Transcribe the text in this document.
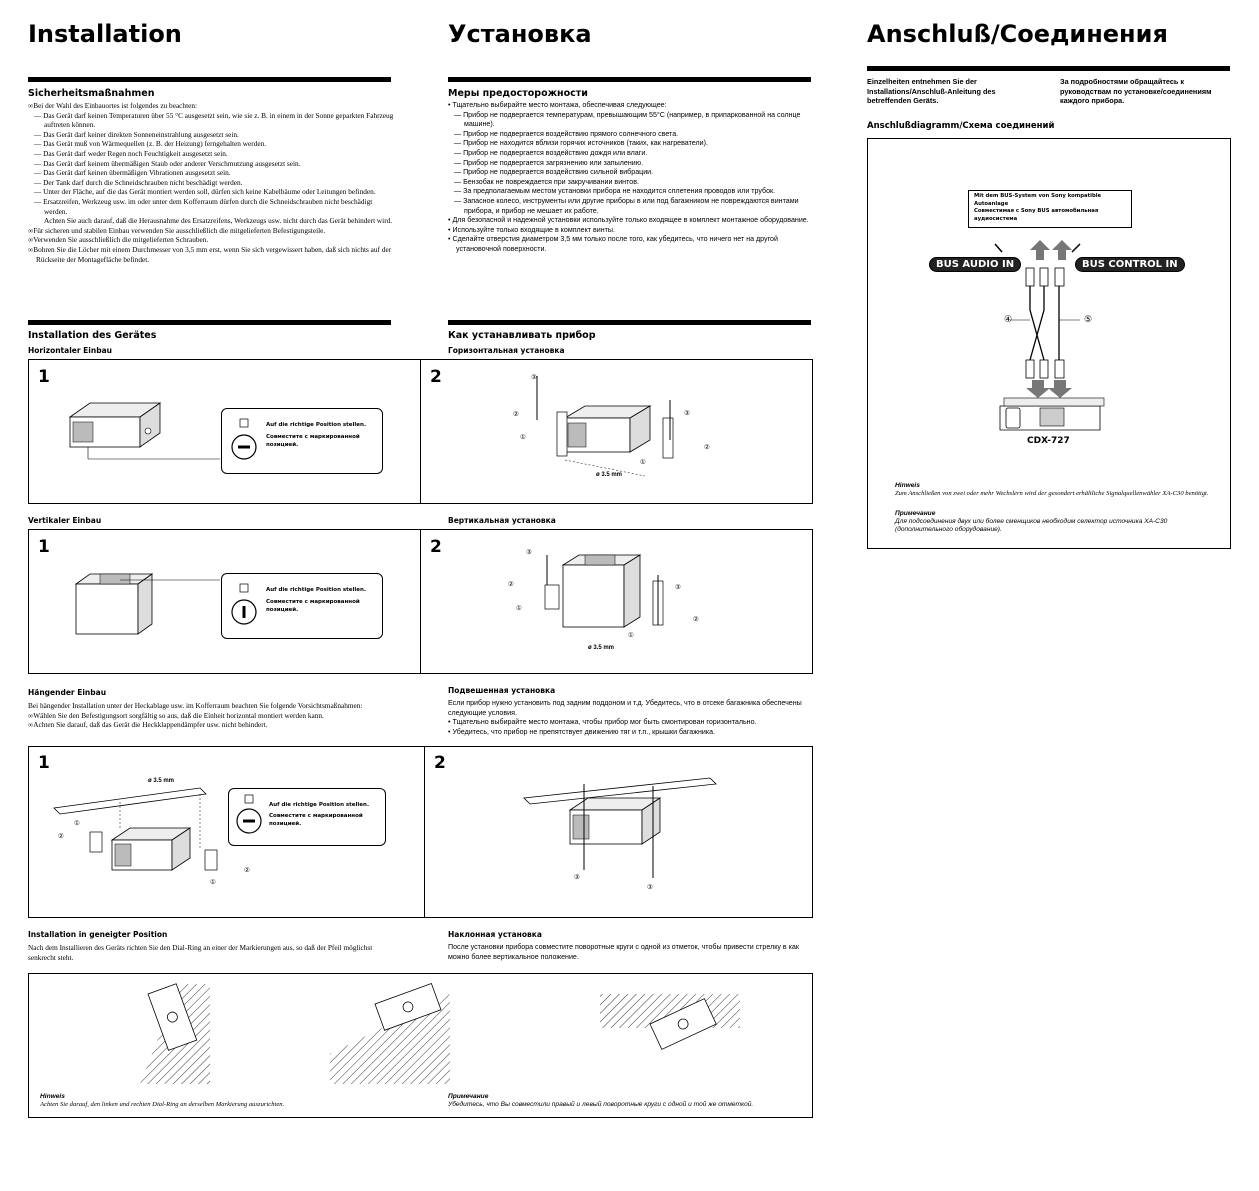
Installation	Установка	Anschluß/Соединения
Sicherheitsmaßnahmen
∞Bei der Wahl des Einbauortes ist folgendes zu beachten:
— Das Gerät darf keinen Temperaturen über 55 °C ausgesetzt sein, wie sie z. B. in einem in der Sonne geparkten Fahrzeug auftreten können.
— Das Gerät darf keiner direkten Sonneneinstrahlung ausgesetzt sein.
— Das Gerät muß von Wärmequellen (z. B. der Heizung) ferngehalten werden.
— Das Gerät darf weder Regen noch Feuchtigkeit ausgesetzt sein.
— Das Gerät darf keinem übermäßigen Staub oder anderer Verschmutzung ausgesetzt sein.
— Das Gerät darf keinen übermäßigen Vibrationen ausgesetzt sein.
— Der Tank darf durch die Schneidschrauben nicht beschädigt werden.
— Unter der Fläche, auf die das Gerät montiert werden soll, dürfen sich keine Kabelbäume oder Leitungen befinden.
— Ersatzreifen, Werkzeug usw. im oder unter dem Kofferraum dürfen durch die Schneidschrauben nicht beschädigt werden.
Achten Sie auch darauf, daß die Herausnahme des Ersatzreifens, Werkzeugs usw. nicht durch das Gerät behindert wird.
∞Für sicheren und stabilen Einbau verwenden Sie ausschließlich die mitgelieferten Befestigungsteile.
∞Verwenden Sie ausschließlich die mitgelieferten Schrauben.
∞Bohren Sie die Löcher mit einem Durchmesser von 3,5 mm erst, wenn Sie sich vergewissert haben, daß sich nichts auf der Rückseite der Montagefläche befindet.
Меры предосторожности
• Тщательно выбирайте место монтажа, обеспечивая следующее:
— Прибор не подвергается температурам, превышающим 55°C (например, в припаркованной на солнце машине).
— Прибор не подвергается воздействию прямого солнечного света.
— Прибор не находится вблизи горячих источников (таких, как нагреватели).
— Прибор не подвергается воздействию дождя или влаги.
— Прибор не подвергается загрязнению или запылению.
— Прибор не подвергается воздействию сильной вибрации.
— Бензобак не повреждается при закручивании винтов.
— За предполагаемым местом установки прибора не находится сплетения проводов или трубок.
— Запасное колесо, инструменты или другие приборы в или под багажником не повреждаются винтами прибора, и прибор не мешает их работе.
• Для безопасной и надежной установки используйте только входящее в комплект монтажное оборудование.
• Используйте только входящие в комплект винты.
• Сделайте отверстия диаметром 3,5 мм только после того, как убедитесь, что ничего нет на другой установочной поверхности.
Installation des Gerätes	Как устанавливать прибор
Horizontaler Einbau	Горизонтальная установка
1	2
Auf die richtige Position stellen.
Совместите с маркированной позицией.
③
②
①
③
②
①
ø 3.5 mm
Vertikaler Einbau	Вертикальная установка
1	2
Auf die richtige Position stellen.
Совместите с маркированной позицией.
③
②
①
③
②
①
ø 3.5 mm
Hängender Einbau	Подвешенная установка
Bei hängender Installation unter der Heckablage usw. im Kofferraum beachten Sie folgende Vorsichtsmaßnahmen:
∞Wählen Sie den Befestigungsort sorgfältig so aus, daß die Einheit horizontal montiert werden kann.
∞Achten Sie darauf, daß das Gerät die Heckklappendämpfer usw. nicht behindert.
Если прибор нужно установить под задним поддоном и т.д. Убедитесь, что в отсеке багажника обеспечены следующие условия.
• Тщательно выбирайте место монтажа, чтобы прибор мог быть смонтирован горизонтально.
• Убедитесь, что прибор не препятствует движению тяг и т.п., крышки багажника.
1	2
ø 3.5 mm
①
②
②
①
Auf die richtige Position stellen.
Совместите с маркированной позицией.
③
③
Installation in geneigter Position	Наклонная установка
Nach dem Installieren des Geräts richten Sie den Dial-Ring an einer der Markierungen aus, so daß der Pfeil möglichst senkrecht steht.
После установки прибора совместите поворотные круги с одной из отметок, чтобы привести стрелку в как можно более вертикальное положение.
Hinweis
Achten Sie darauf, den linken und rechten Dial-Ring an derselben Markierung auszurichten.
Примечание
Убедитесь, что Вы совместили правый и левый поворотные круги с одной и той же отметкой.
Einzelheiten entnehmen Sie der Installations/Anschluß-Anleitung des betreffenden Geräts.
За подробностями обращайтесь к руководствам по установке/соединениям каждого прибора.
Anschlußdiagramm/Схема соединений
Mit dem BUS-System von Sony kompatible Autoanlage
Совместимая с Sony BUS автомобильная аудиосистема
BUS AUDIO IN	BUS CONTROL IN
④	⑤
CDX-727
Hinweis
Zum Anschließen von zwei oder mehr Wechslern wird der gesondert erhältliche Signalquellenwähler XA-C30 benötigt.
Примечание
Для подсоединения двух или более сменщиков необходим селектор источника XA-C30 (дополнительного оборудование).
